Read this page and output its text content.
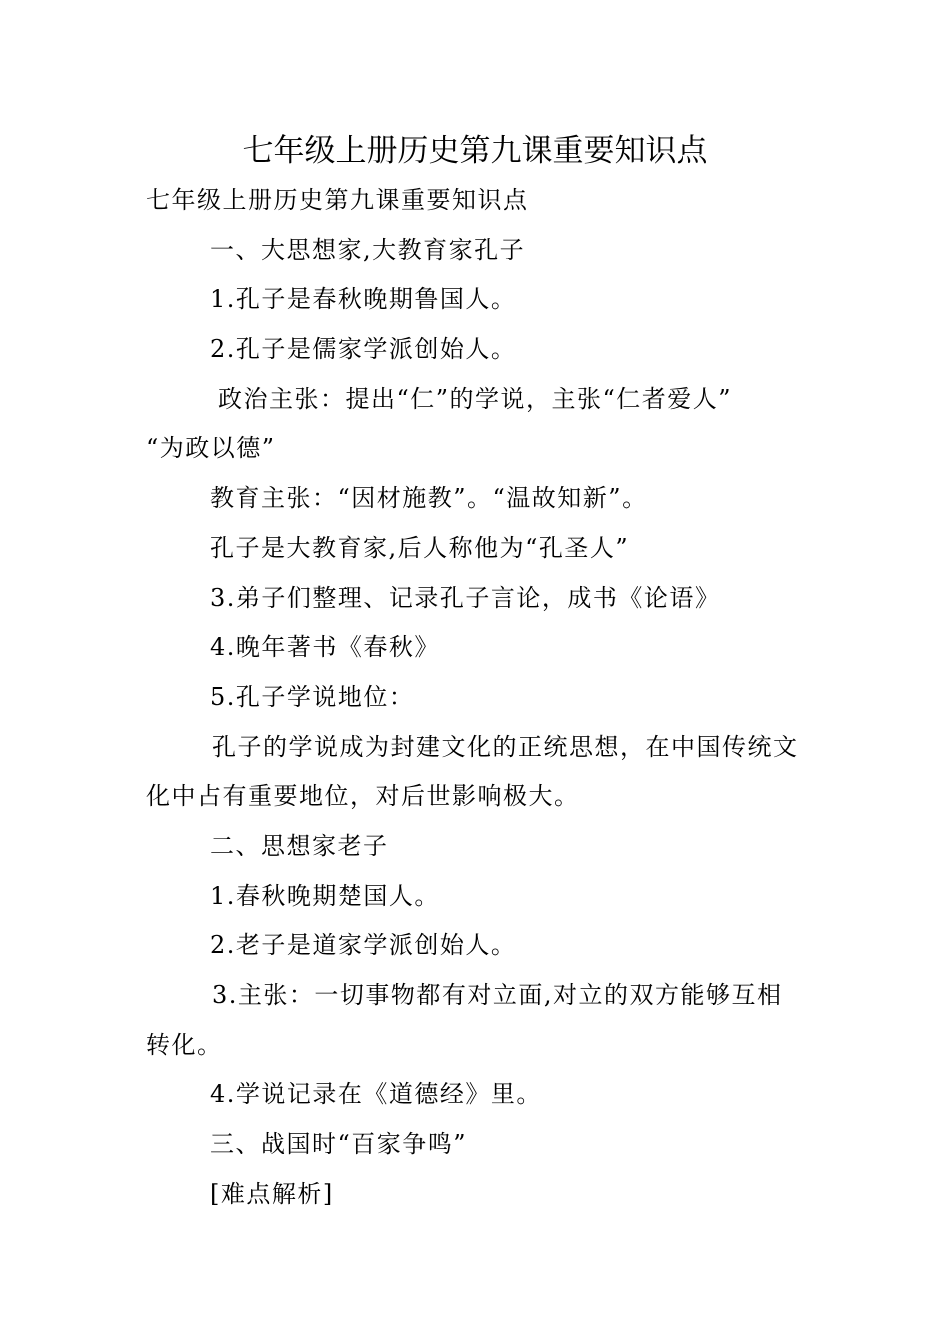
七年级上册历史第九课重要知识点

七年级上册历史第九课重要知识点

一、大思想家,大教育家孔子

1.孔子是春秋晚期鲁国人。

2.孔子是儒家学派创始人。

政治主张：提出“仁”的学说，主张“仁者爱人”
“为政以德”

教育主张：“因材施教”。“温故知新”。

孔子是大教育家,后人称他为“孔圣人”

3.弟子们整理、记录孔子言论，成书《论语》

4.晚年著书《春秋》

5.孔子学说地位：

孔子的学说成为封建文化的正统思想，在中国传统文
化中占有重要地位，对后世影响极大。

二、思想家老子

1.春秋晚期楚国人。

2.老子是道家学派创始人。

3.主张：一切事物都有对立面,对立的双方能够互相
转化。

4.学说记录在《道德经》里。

三、战国时“百家争鸣”

[难点解析]
